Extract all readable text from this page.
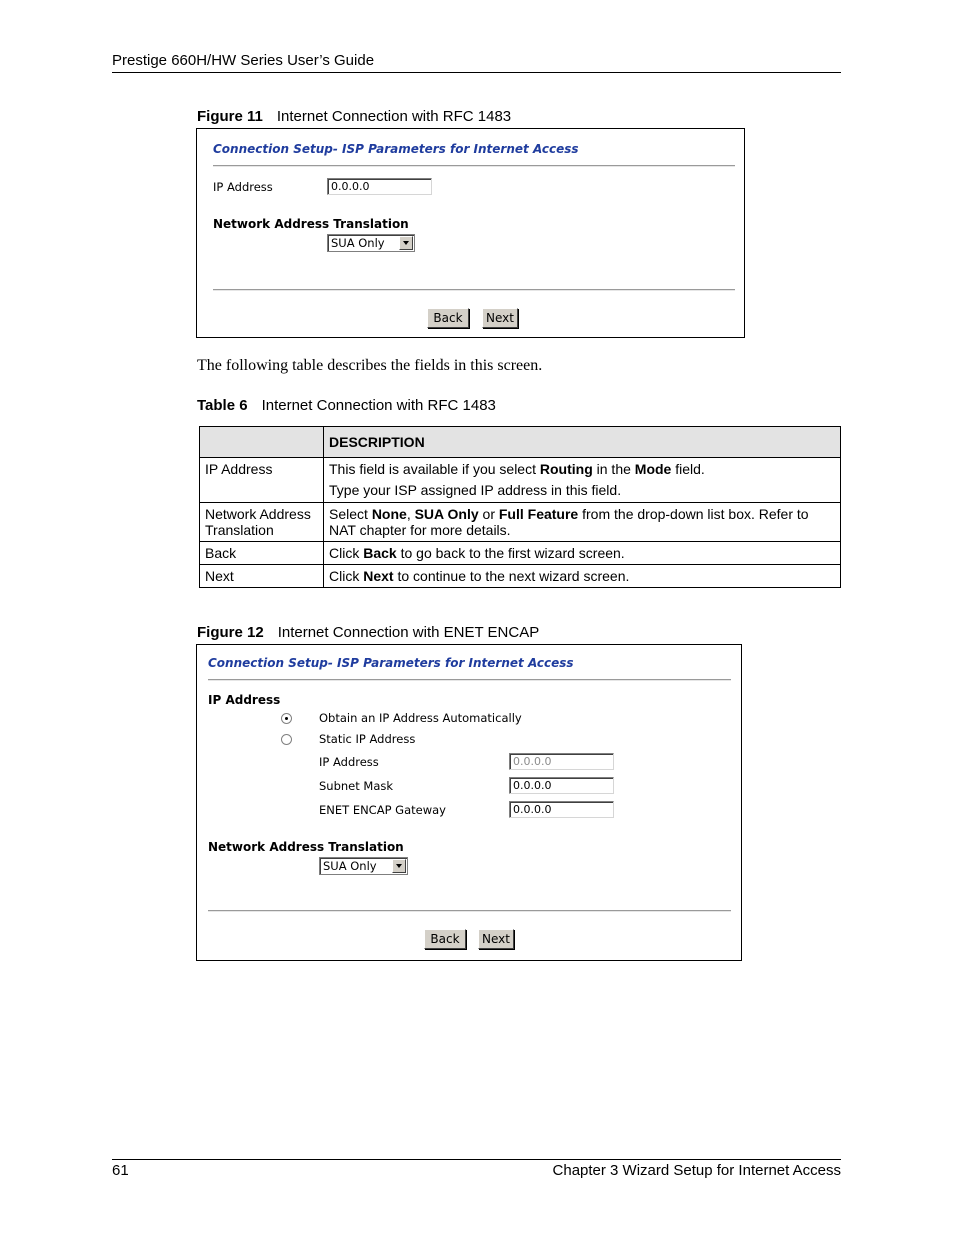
Prestige 660H/HW Series User’s Guide
Figure 11 Internet Connection with RFC 1483
Connection Setup- ISP Parameters for Internet Access
IP Address	0.0.0.0
Network Address Translation
SUA Only
Back	Next
The following table describes the fields in this screen.
Table 6 Internet Connection with RFC 1483
	DESCRIPTION
IP Address	This field is available if you select Routing in the Mode field.

Type your ISP assigned IP address in this field.

Network Address Translation	Select None, SUA Only or Full Feature from the drop-down list box. Refer to NAT chapter for more details.
Back	Click Back to go back to the first wizard screen.
Next	Click Next to continue to the next wizard screen.
Figure 12 Internet Connection with ENET ENCAP
Connection Setup- ISP Parameters for Internet Access
IP Address
Obtain an IP Address Automatically
Static IP Address
IP Address	0.0.0.0
Subnet Mask	0.0.0.0
ENET ENCAP Gateway	0.0.0.0
Network Address Translation
SUA Only
Back	Next
61	Chapter 3 Wizard Setup for Internet Access
